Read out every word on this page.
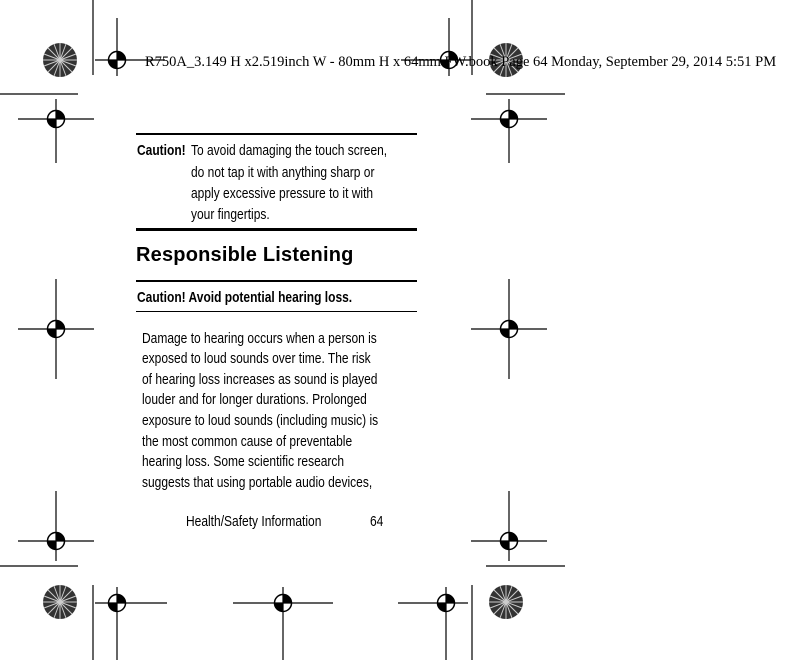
R750A_3.149 H x2.519inch W - 80mm H x 64mm.FW.book Page 64 Monday, September 29, 2014 5:51 PM
Caution! To avoid damaging the touch screen,
do not tap it with anything sharp or
apply excessive pressure to it with
your fingertips.
Responsible Listening
Caution! Avoid potential hearing loss.
Damage to hearing occurs when a person is
exposed to loud sounds over time. The risk
of hearing loss increases as sound is played
louder and for longer durations. Prolonged
exposure to loud sounds (including music) is
the most common cause of preventable
hearing loss. Some scientific research
suggests that using portable audio devices,
Health/Safety Information	64
